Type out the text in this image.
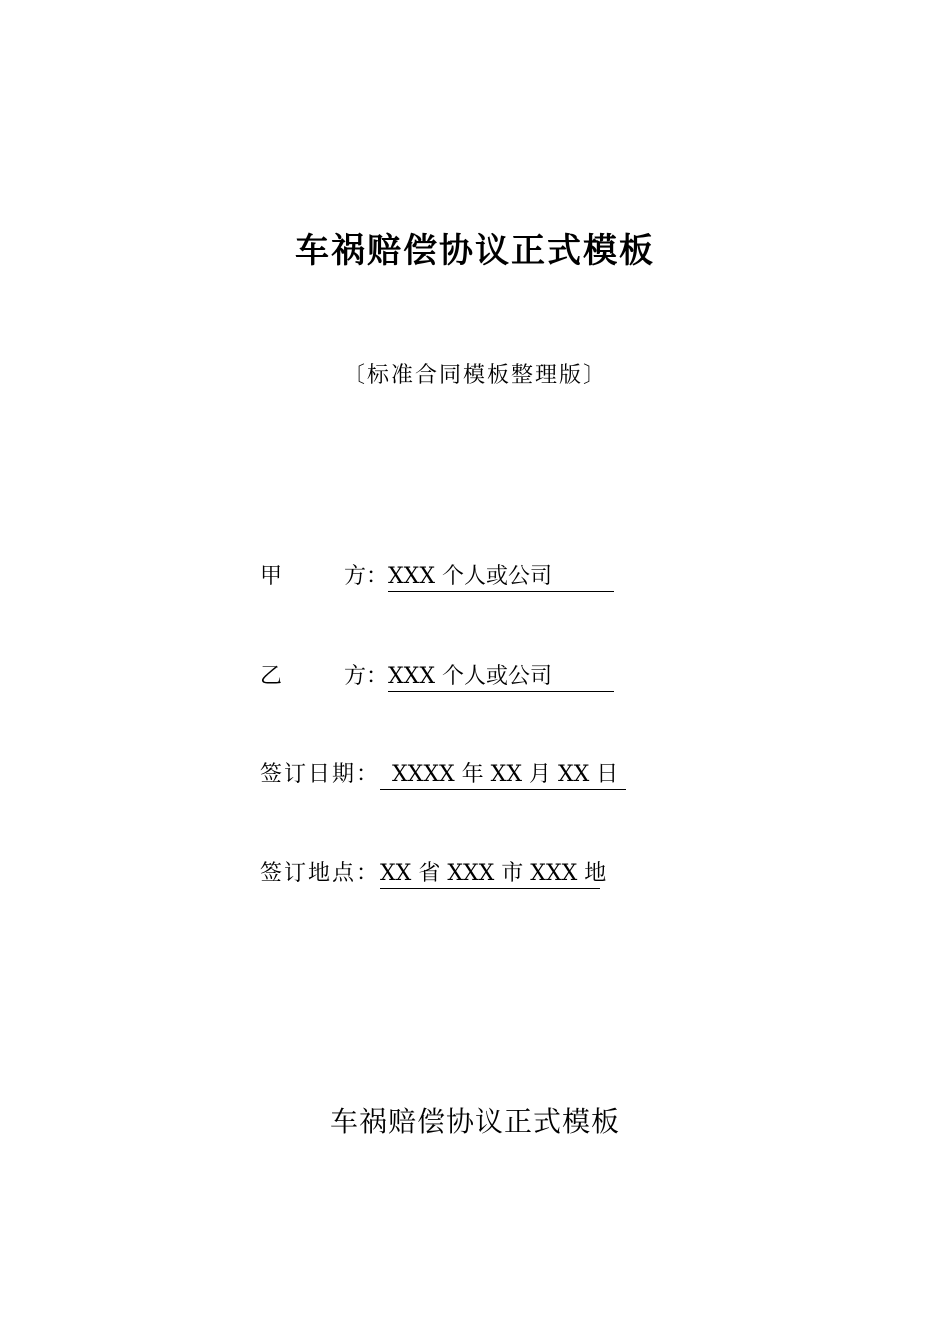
车祸赔偿协议正式模板
〔标准合同模板整理版〕
甲	方： XXX 个人或公司
乙	方： XXX 个人或公司
签订日期： XXXX 年 XX 月 XX 日
签订地点： XX 省 XXX 市 XXX 地
车祸赔偿协议正式模板
